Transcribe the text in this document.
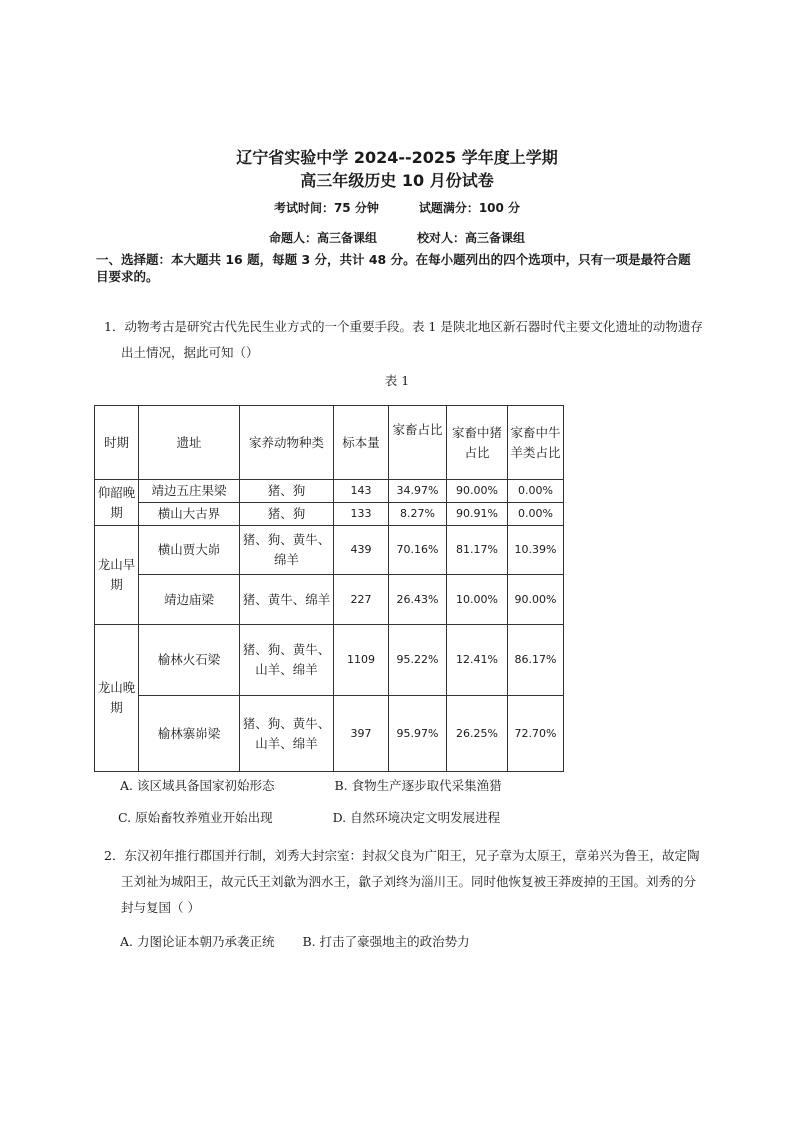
辽宁省实验中学 2024--2025 学年度上学期
高三年级历史 10 月份试卷
考试时间：75 分钟	试题满分：100 分
命题人：高三备课组	校对人：高三备课组
一、选择题：本大题共 16 题，每题 3 分，共计 48 分。在每小题列出的四个选项中，只有一项是最符合题目要求的。
1．动物考古是研究古代先民生业方式的一个重要手段。表 1 是陕北地区新石器时代主要文化遗址的动物遗存
出土情况，据此可知（）
表 1
时期	遗址	家养动物种类	标本量	家畜占比	家畜中猪占比	家畜中牛羊类占比
仰韶晚期	靖边五庄果梁	猪、狗	143	34.97%	90.00%	0.00%
	横山大古界	猪、狗	133	8.27%	90.91%	0.00%
龙山早期	横山贾大峁	猪、狗、黄牛、绵羊	439	70.16%	81.17%	10.39%
	靖边庙梁	猪、黄牛、绵羊	227	26.43%	10.00%	90.00%
龙山晚期	榆林火石梁	猪、狗、黄牛、山羊、绵羊	1109	95.22%	12.41%	86.17%
	榆林寨峁梁	猪、狗、黄牛、山羊、绵羊	397	95.97%	26.25%	72.70%
A. 该区域具备国家初始形态	B. 食物生产逐步取代采集渔猎
C. 原始畜牧养殖业开始出现	D. 自然环境决定文明发展进程
2．东汉初年推行郡国并行制，刘秀大封宗室：封叔父良为广阳王，兄子章为太原王，章弟兴为鲁王，故定陶
王刘祉为城阳王，故元氏王刘歙为泗水王，歙子刘终为淄川王。同时他恢复被王莽废掉的王国。刘秀的分
封与复国（ ）
A. 力图论证本朝乃承袭正统 B. 打击了豪强地主的政治势力
